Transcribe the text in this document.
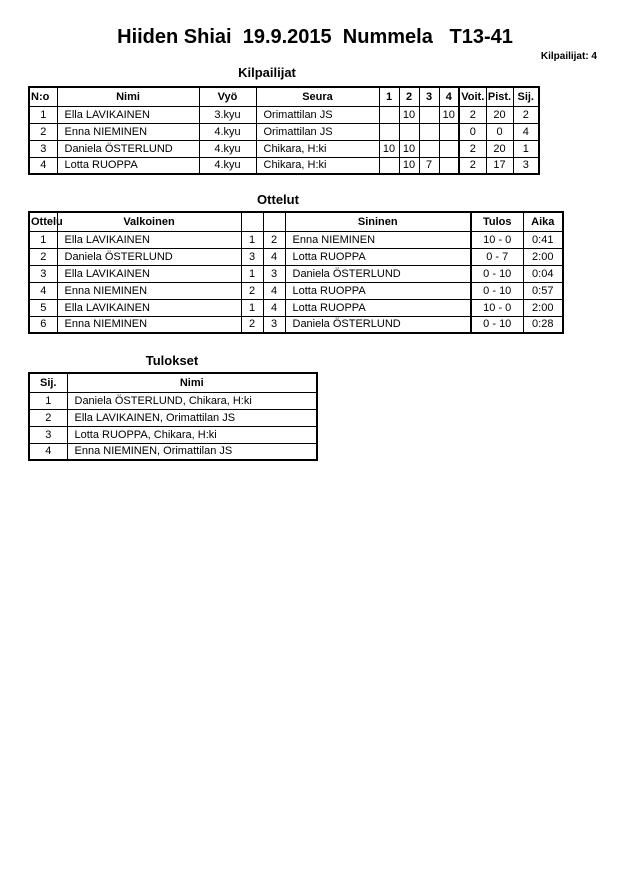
Hiiden Shiai  19.9.2015  Nummela   T13-41
Kilpailijat: 4
Kilpailijat
N:o	Nimi	Vyö	Seura	1	2	3	4	Voit.	Pist.	Sij.
1	Ella LAVIKAINEN	3.kyu	Orimattilan JS		10		10	2	20	2
2	Enna NIEMINEN	4.kyu	Orimattilan JS					0	0	4
3	Daniela ÖSTERLUND	4.kyu	Chikara, H:ki	10	10			2	20	1
4	Lotta RUOPPA	4.kyu	Chikara, H:ki		10	7		2	17	3
Ottelut
Ottelu	Valkoinen			Sininen	Tulos	Aika
1	Ella LAVIKAINEN	1	2	Enna NIEMINEN	10 - 0	0:41
2	Daniela ÖSTERLUND	3	4	Lotta RUOPPA	0 - 7	2:00
3	Ella LAVIKAINEN	1	3	Daniela ÖSTERLUND	0 - 10	0:04
4	Enna NIEMINEN	2	4	Lotta RUOPPA	0 - 10	0:57
5	Ella LAVIKAINEN	1	4	Lotta RUOPPA	10 - 0	2:00
6	Enna NIEMINEN	2	3	Daniela ÖSTERLUND	0 - 10	0:28
Tulokset
Sij.	Nimi
1	Daniela ÖSTERLUND, Chikara, H:ki
2	Ella LAVIKAINEN, Orimattilan JS
3	Lotta RUOPPA, Chikara, H:ki
4	Enna NIEMINEN, Orimattilan JS
